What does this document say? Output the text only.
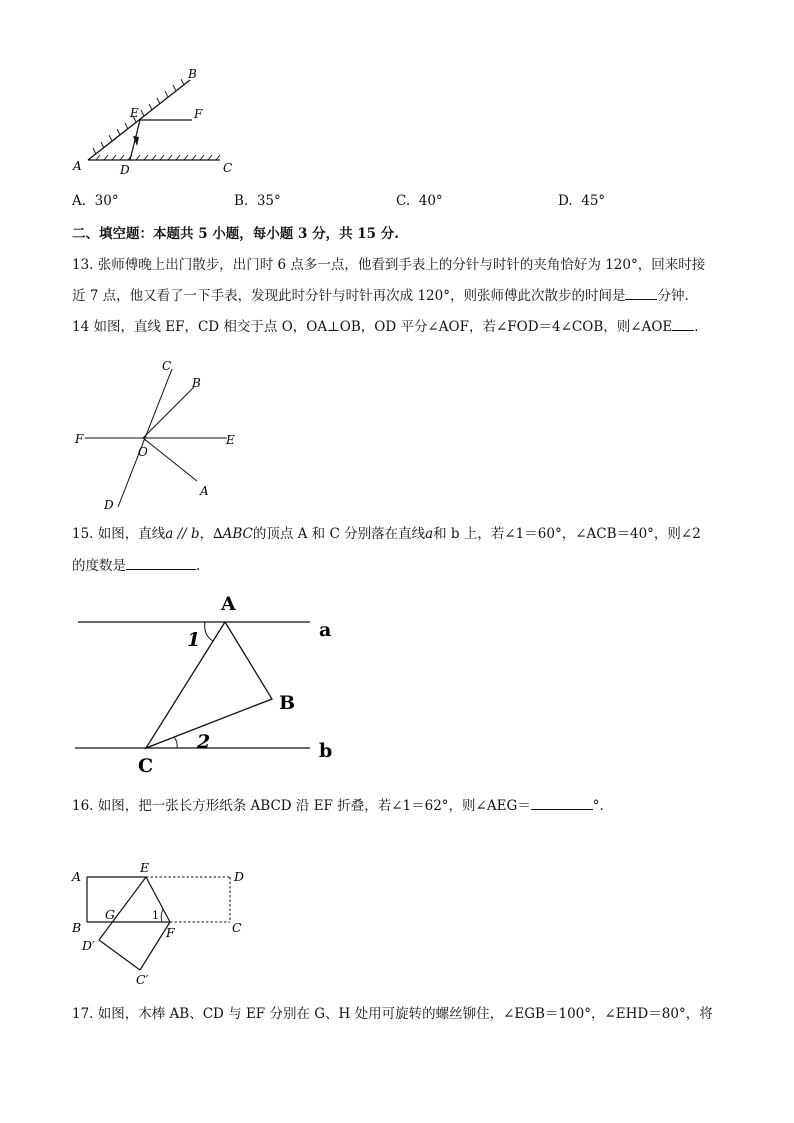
B
E	F
A	D	C
A. 30°	B. 35°	C. 40°	D. 45°
二、填空题：本题共 5 小题，每小题 3 分，共 15 分.
13. 张师傅晚上出门散步，出门时 6 点多一点，他看到手表上的分针与时针的夹角恰好为 120°，回来时接
近 7 点，他又看了一下手表，发现此时分针与时针再次成 120°，则张师傅此次散步的时间是 分钟.
14 如图，直线 EF，CD 相交于点 O，OA⊥OB，OD 平分∠AOF，若∠FOD＝4∠COB，则∠AOE .
C
B
F
O
E
D
A
15. 如图，直线a // b，∆ABC的顶点 A 和 C 分别落在直线a和 b 上，若∠1＝60°，∠ACB＝40°，则∠2
的度数是	.
A
a
1
B
2
C
b
16. 如图，把一张长方形纸条 ABCD 沿 EF 折叠，若∠1＝62°，则∠AEG＝	°.
A
E
D
B
G	1
F	C
D′
C′
17. 如图，木棒 AB、CD 与 EF 分别在 G、H 处用可旋转的螺丝铆住，∠EGB＝100°，∠EHD＝80°，将
